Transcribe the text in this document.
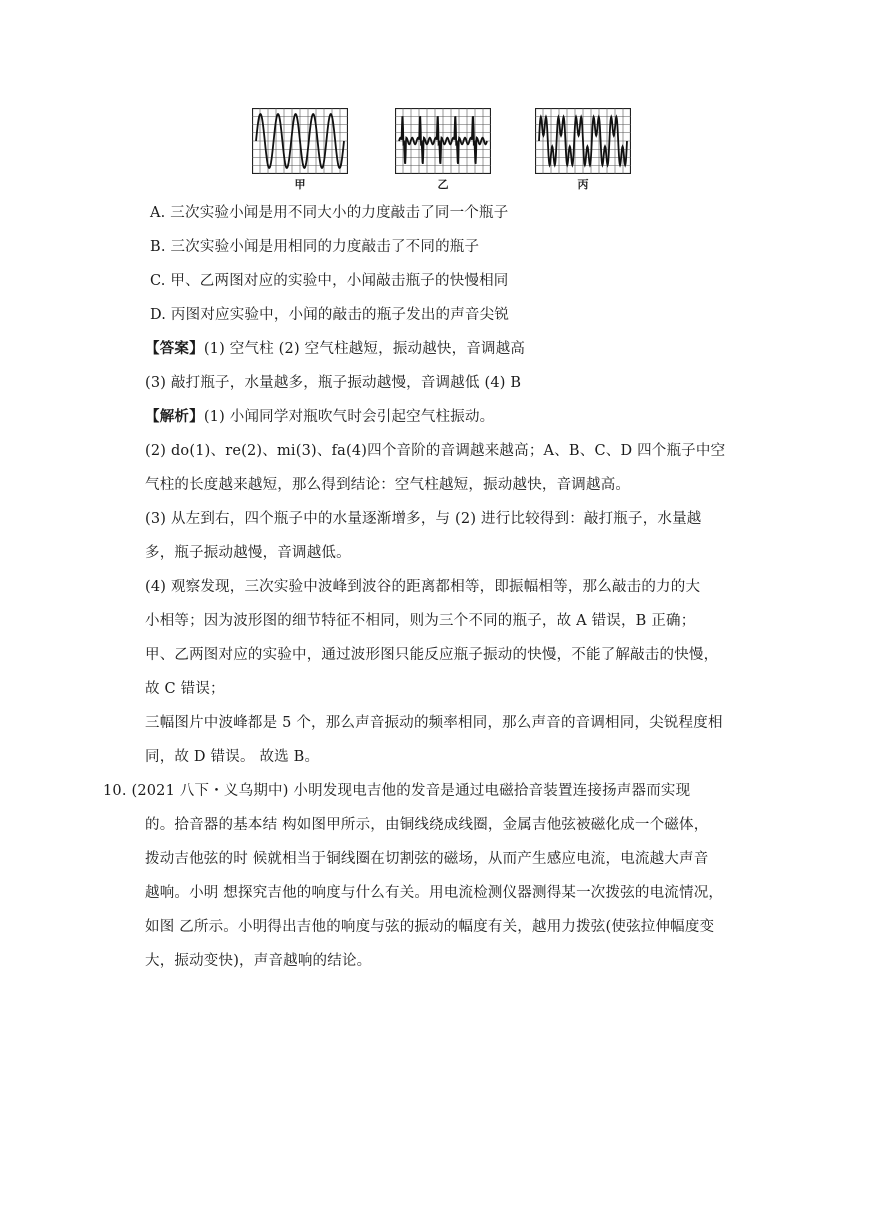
甲	乙	丙
A. 三次实验小闻是用不同大小的力度敲击了同一个瓶子
B. 三次实验小闻是用相同的力度敲击了不同的瓶子
C. 甲、乙两图对应的实验中，小闻敲击瓶子的快慢相同
D. 丙图对应实验中，小闻的敲击的瓶子发出的声音尖锐
【答案】(1) 空气柱 (2) 空气柱越短，振动越快，音调越高
(3) 敲打瓶子，水量越多，瓶子振动越慢，音调越低 (4) B
【解析】(1) 小闻同学对瓶吹气时会引起空气柱振动。
(2) do(1)、re(2)、mi(3)、fa(4)四个音阶的音调越来越高；A、B、C、D 四个瓶子中空
气柱的长度越来越短，那么得到结论：空气柱越短，振动越快，音调越高。
(3) 从左到右，四个瓶子中的水量逐渐增多，与 (2) 进行比较得到：敲打瓶子，水量越
多，瓶子振动越慢，音调越低。
(4) 观察发现，三次实验中波峰到波谷的距离都相等，即振幅相等，那么敲击的力的大
小相等；因为波形图的细节特征不相同，则为三个不同的瓶子，故 A 错误，B 正确；
甲、乙两图对应的实验中，通过波形图只能反应瓶子振动的快慢，不能了解敲击的快慢，
故 C 错误；
三幅图片中波峰都是 5 个，那么声音振动的频率相同，那么声音的音调相同，尖锐程度相
同，故 D 错误。 故选 B。
10. (2021 八下・义乌期中) 小明发现电吉他的发音是通过电磁拾音装置连接扬声器而实现
的。拾音器的基本结 构如图甲所示，由铜线绕成线圈，金属吉他弦被磁化成一个磁体，
拨动吉他弦的时 候就相当于铜线圈在切割弦的磁场，从而产生感应电流，电流越大声音
越响。小明 想探究吉他的响度与什么有关。用电流检测仪器测得某一次拨弦的电流情况，
如图 乙所示。小明得出吉他的响度与弦的振动的幅度有关，越用力拨弦(使弦拉伸幅度变
大，振动变快)，声音越响的结论。
